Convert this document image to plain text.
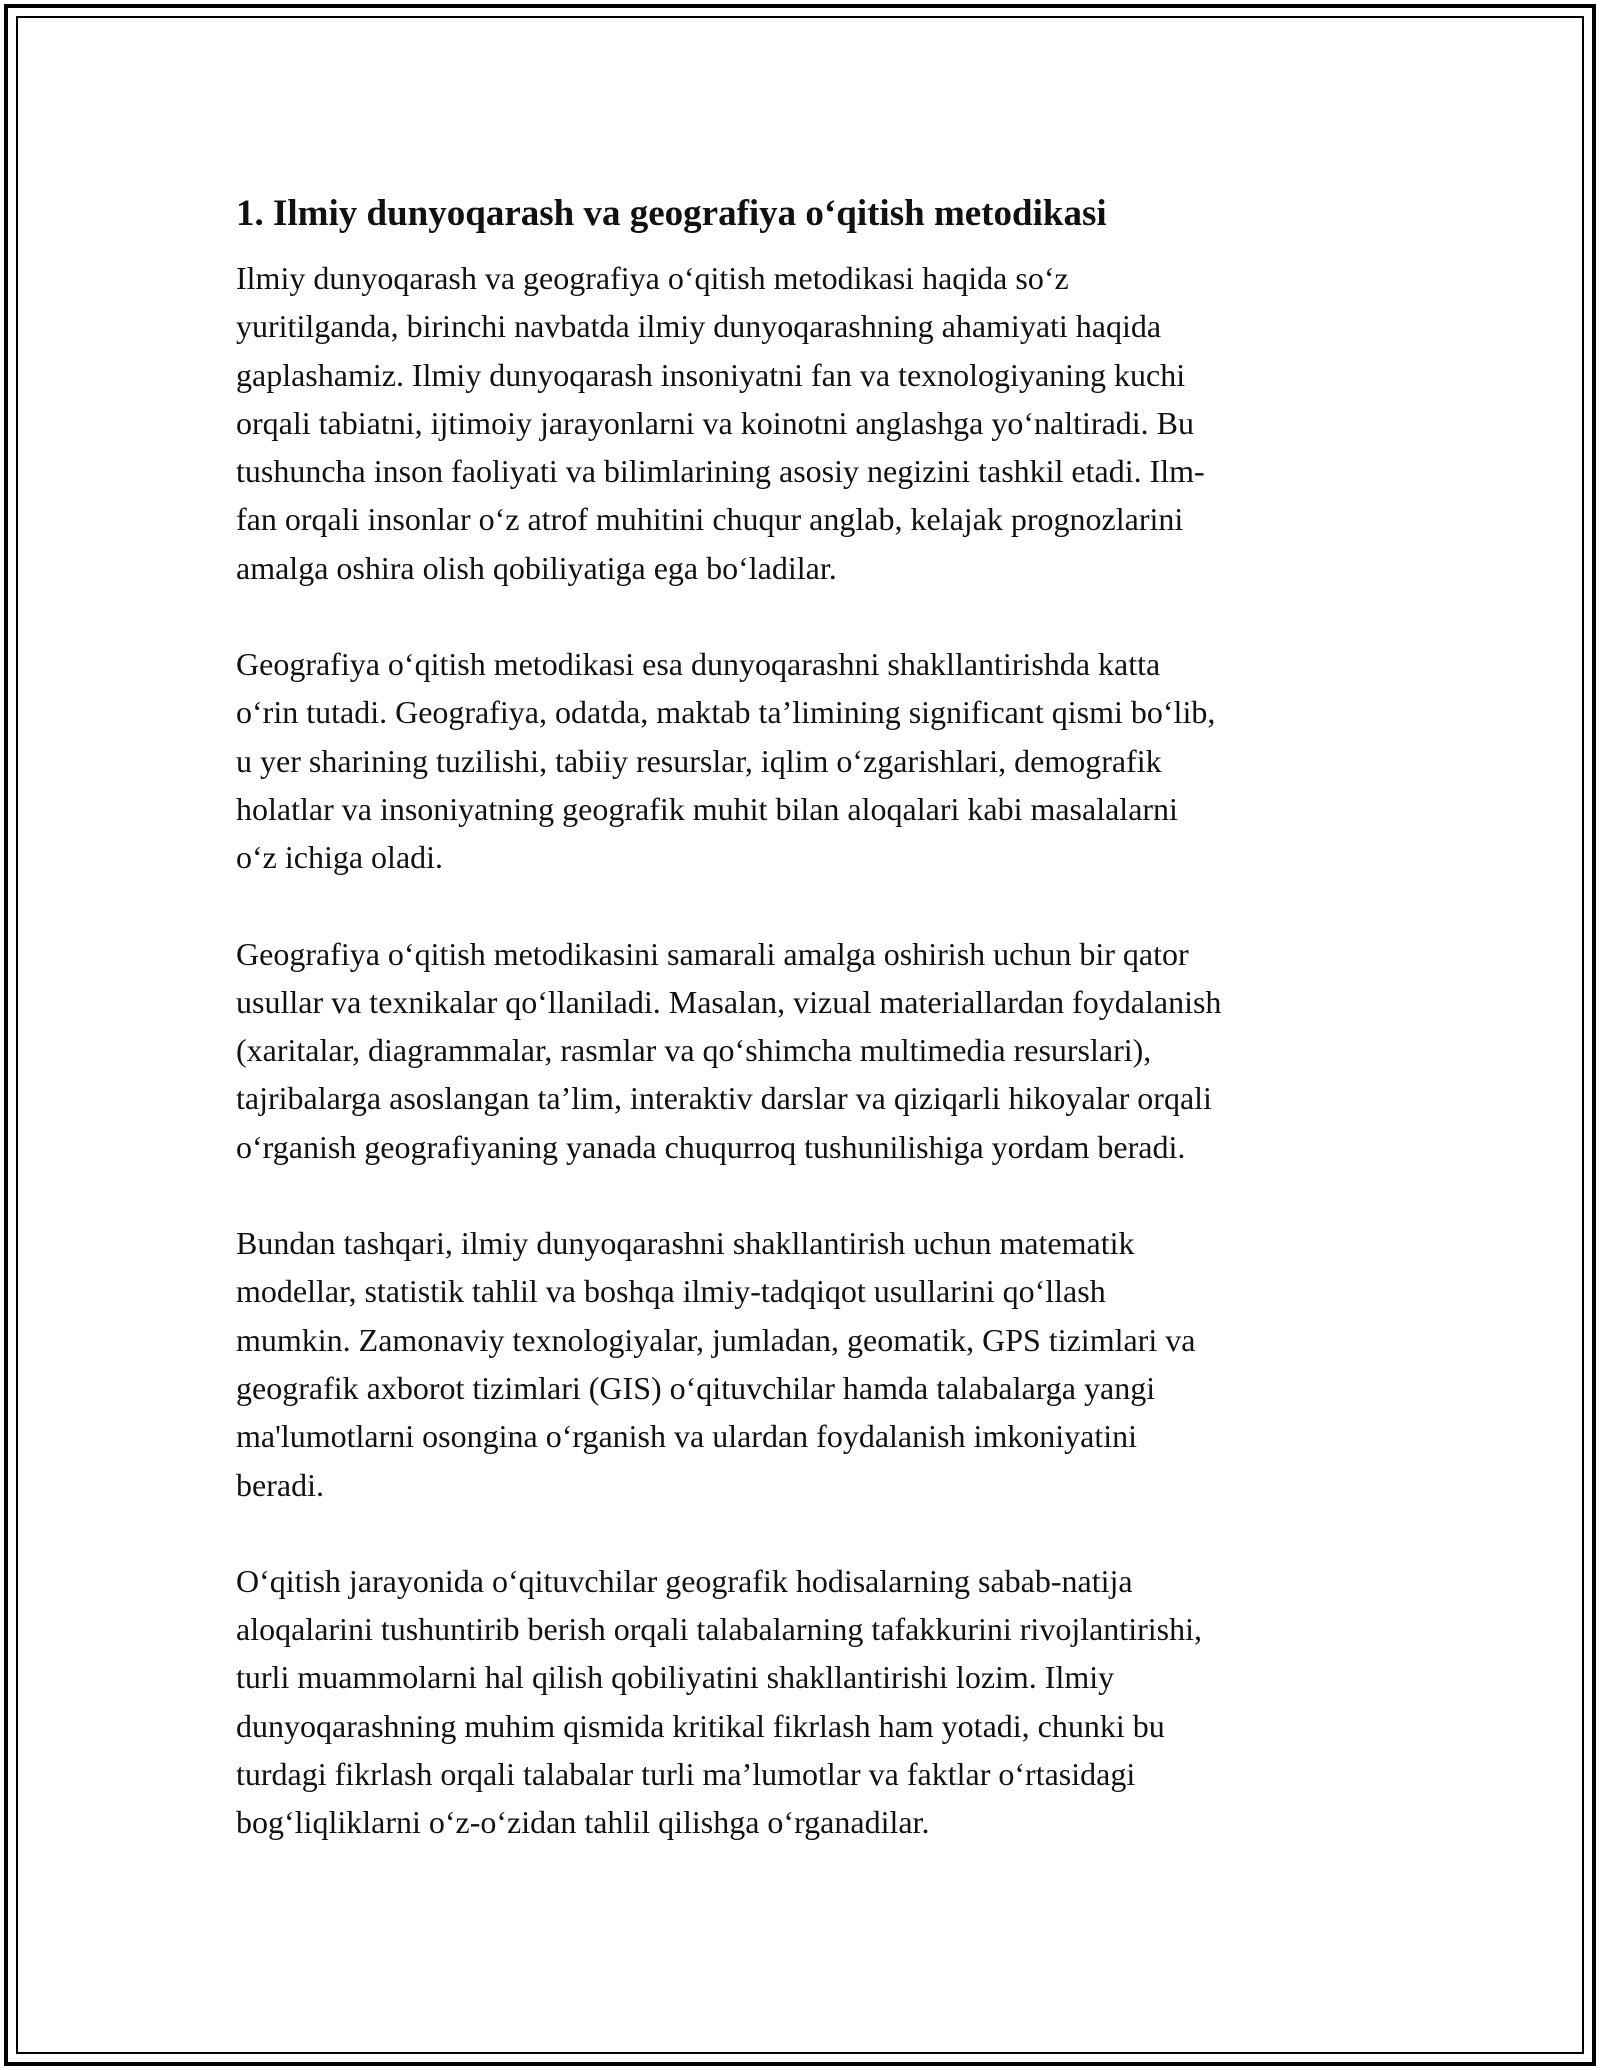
1. Ilmiy dunyoqarash va geografiya o‘qitish metodikasi

Ilmiy dunyoqarash va geografiya o‘qitish metodikasi haqida so‘z
yuritilganda, birinchi navbatda ilmiy dunyoqarashning ahamiyati haqida
gaplashamiz. Ilmiy dunyoqarash insoniyatni fan va texnologiyaning kuchi
orqali tabiatni, ijtimoiy jarayonlarni va koinotni anglashga yo‘naltiradi. Bu
tushuncha inson faoliyati va bilimlarining asosiy negizini tashkil etadi. Ilm-
fan orqali insonlar o‘z atrof muhitini chuqur anglab, kelajak prognozlarini
amalga oshira olish qobiliyatiga ega bo‘ladilar.

Geografiya o‘qitish metodikasi esa dunyoqarashni shakllantirishda katta
o‘rin tutadi. Geografiya, odatda, maktab ta’limining significant qismi bo‘lib,
u yer sharining tuzilishi, tabiiy resurslar, iqlim o‘zgarishlari, demografik
holatlar va insoniyatning geografik muhit bilan aloqalari kabi masalalarni
o‘z ichiga oladi.

Geografiya o‘qitish metodikasini samarali amalga oshirish uchun bir qator
usullar va texnikalar qo‘llaniladi. Masalan, vizual materiallardan foydalanish
(xaritalar, diagrammalar, rasmlar va qo‘shimcha multimedia resurslari),
tajribalarga asoslangan ta’lim, interaktiv darslar va qiziqarli hikoyalar orqali
o‘rganish geografiyaning yanada chuqurroq tushunilishiga yordam beradi.

Bundan tashqari, ilmiy dunyoqarashni shakllantirish uchun matematik
modellar, statistik tahlil va boshqa ilmiy-tadqiqot usullarini qo‘llash
mumkin. Zamonaviy texnologiyalar, jumladan, geomatik, GPS tizimlari va
geografik axborot tizimlari (GIS) o‘qituvchilar hamda talabalarga yangi
ma'lumotlarni osongina o‘rganish va ulardan foydalanish imkoniyatini
beradi.

O‘qitish jarayonida o‘qituvchilar geografik hodisalarning sabab-natija
aloqalarini tushuntirib berish orqali talabalarning tafakkurini rivojlantirishi,
turli muammolarni hal qilish qobiliyatini shakllantirishi lozim. Ilmiy
dunyoqarashning muhim qismida kritikal fikrlash ham yotadi, chunki bu
turdagi fikrlash orqali talabalar turli ma’lumotlar va faktlar o‘rtasidagi
bog‘liqliklarni o‘z-o‘zidan tahlil qilishga o‘rganadilar.
